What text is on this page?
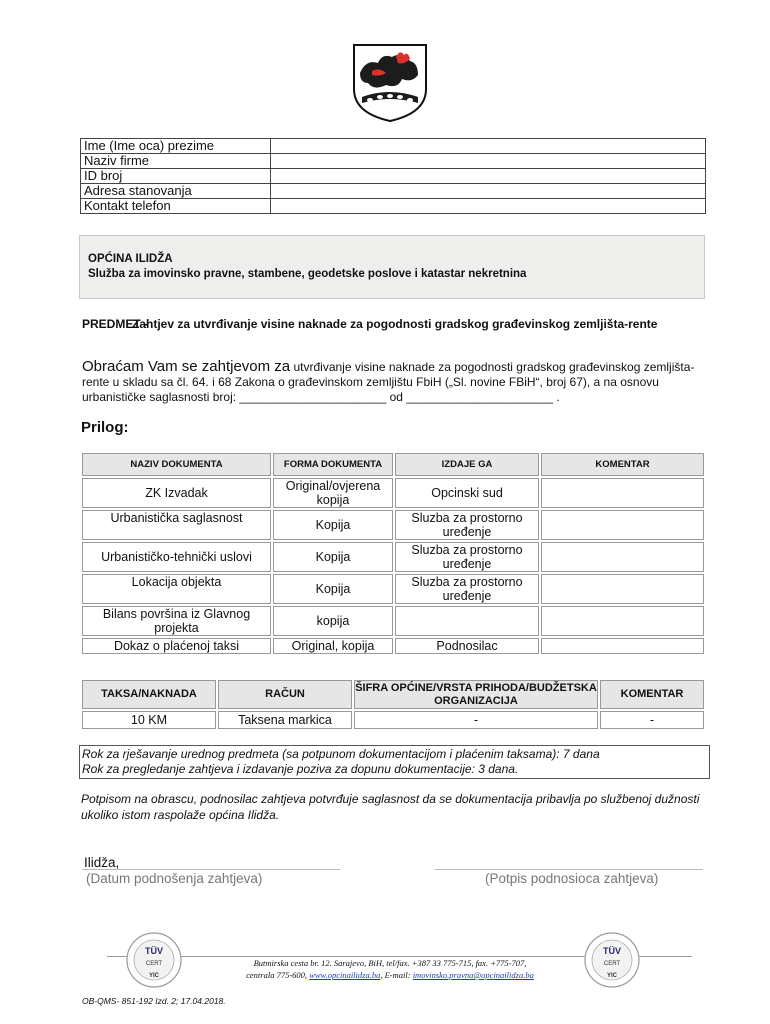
Ime (Ime oca) prezime	
Naziv firme	
ID broj	
Adresa stanovanja	
Kontakt telefon	
OPĆINA ILIDŽA
Služba za imovinsko pravne, stambene, geodetske poslove i katastar nekretnina
PREDMET -
Zahtjev za utvrđivanje visine naknade za pogodnosti gradskog građevinskog zemljišta-rente
Obraćam Vam se zahtjevom za utvrđivanje visine naknade za pogodnosti gradskog građevinskog zemljišta-rente u skladu sa čl. 64. i 68 Zakona o građevinskom zemljištu FbiH („Sl. novine FBiH“, broj 67), a na osnovu urbanističke saglasnosti broj: ______________________ od ______________________ .
Prilog:
NAZIV DOKUMENTA	FORMA DOKUMENTA	IZDAJE GA	KOMENTAR
ZK Izvadak	Original/ovjerena kopija	Opcinski sud	
Urbanistička saglasnost	Kopija	Sluzba za prostorno uređenje	
Urbanističko-tehnički uslovi	Kopija	Sluzba za prostorno uređenje	
Lokacija objekta	Kopija	Sluzba za prostorno uređenje	
Bilans površina iz Glavnog projekta	kopija		
Dokaz o plaćenoj taksi	Original, kopija	Podnosilac	
TAKSA/NAKNADA	RAČUN	ŠIFRA OPĆINE/VRSTA PRIHODA/BUDŽETSKA ORGANIZACIJA	KOMENTAR
10 KM	Taksena markica	-	-
Rok za rješavanje urednog predmeta (sa potpunom dokumentacijom i plaćenim taksama): 7 dana
Rok za pregledanje zahtjeva i izdavanje poziva za dopunu dokumentacije: 3 dana.
Potpisom na obrascu, podnosilac zahtjeva potvrđuje saglasnost da se dokumentacija pribavlja po službenoj dužnosti ukoliko istom raspolaže općina Ilidža.
Ilidža,
(Datum podnošenja zahtjeva)	(Potpis podnosioca zahtjeva)
TÜV
CERT
YIC
TÜV
CERT
YIC
Butmirska cesta br. 12. Sarajevo, BiH, tel/fax. +387 33 775-715, fax. +775-707,
centrala 775-600, www.opcinailidza.ba, E-mail: imovinsko.pravna@opcinailidza.ba
OB-QMS- 851-192 Izd. 2; 17.04.2018.
